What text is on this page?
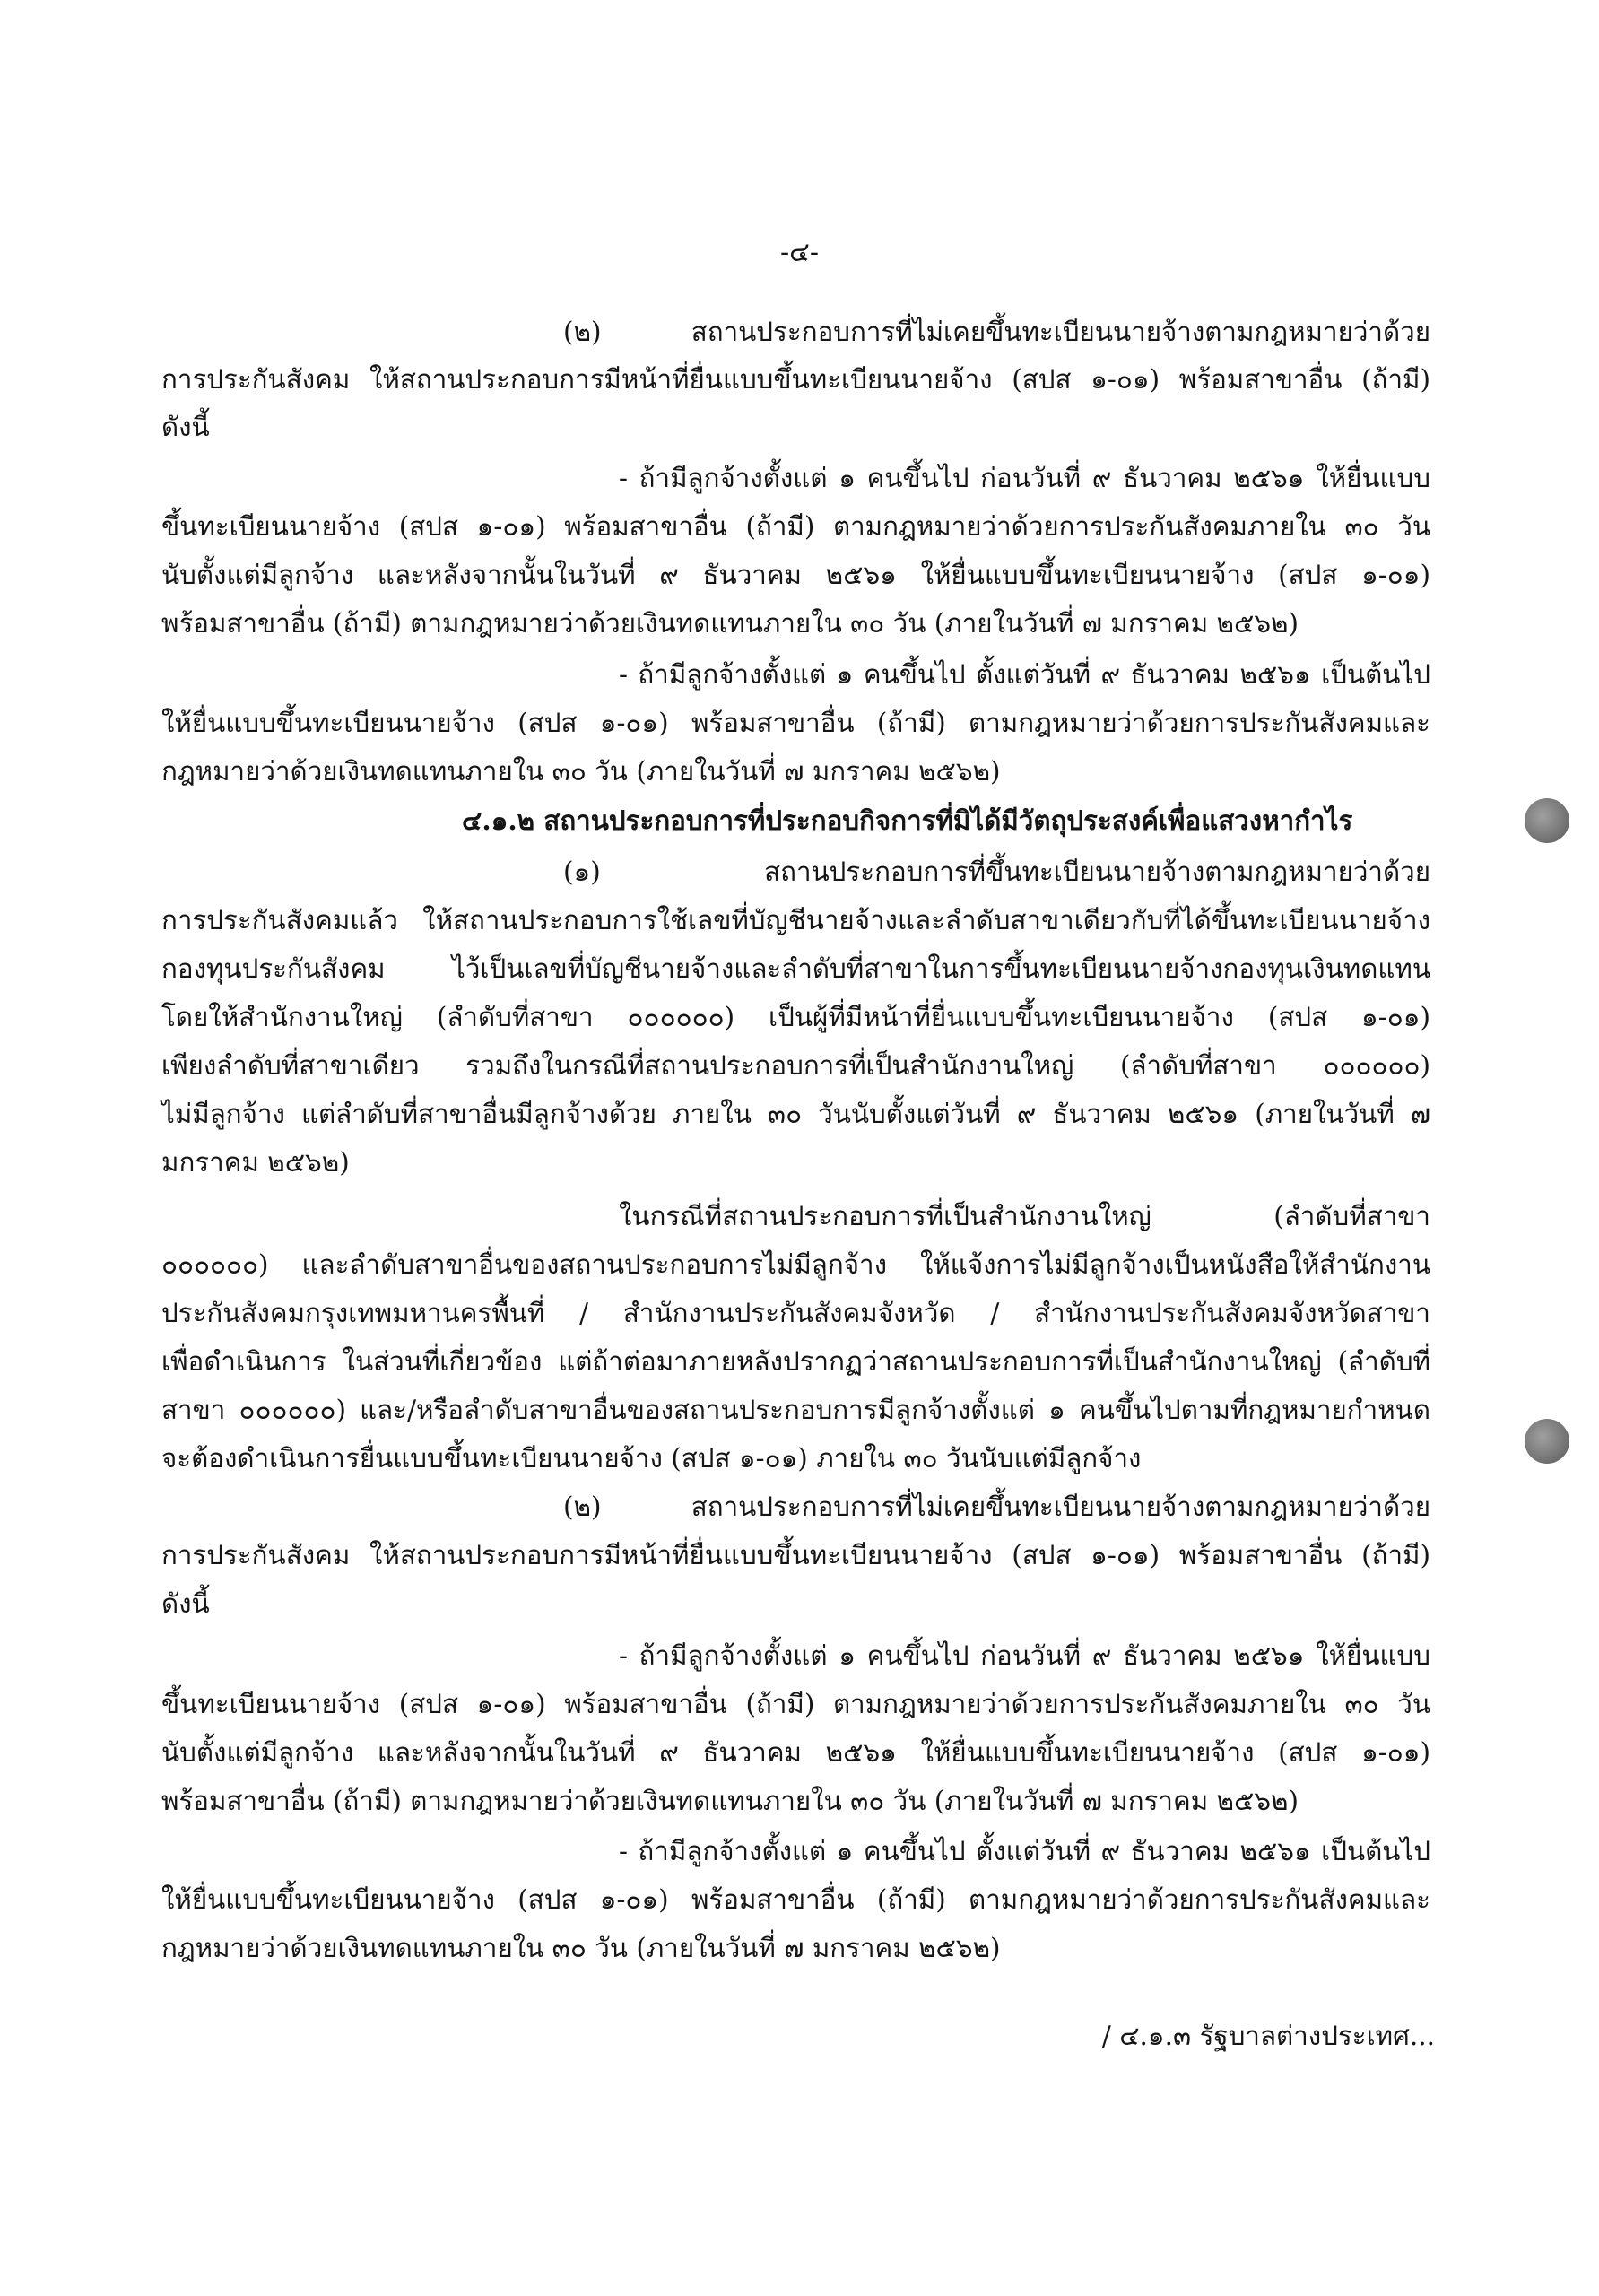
-๔-
(๒) สถานประกอบการที่ไม่เคยขึ้นทะเบียนนายจ้างตามกฎหมายว่าด้วย
การประกันสังคม ให้สถานประกอบการมีหน้าที่ยื่นแบบขึ้นทะเบียนนายจ้าง (สปส ๑-๐๑) พร้อมสาขาอื่น (ถ้ามี)
ดังนี้
- ถ้ามีลูกจ้างตั้งแต่ ๑ คนขึ้นไป ก่อนวันที่ ๙ ธันวาคม ๒๕๖๑ ให้ยื่นแบบ
ขึ้นทะเบียนนายจ้าง (สปส ๑-๐๑) พร้อมสาขาอื่น (ถ้ามี) ตามกฎหมายว่าด้วยการประกันสังคมภายใน ๓๐ วัน
นับตั้งแต่มีลูกจ้าง และหลังจากนั้นในวันที่ ๙ ธันวาคม ๒๕๖๑ ให้ยื่นแบบขึ้นทะเบียนนายจ้าง (สปส ๑-๐๑)
พร้อมสาขาอื่น (ถ้ามี) ตามกฎหมายว่าด้วยเงินทดแทนภายใน ๓๐ วัน (ภายในวันที่ ๗ มกราคม ๒๕๖๒)
- ถ้ามีลูกจ้างตั้งแต่ ๑ คนขึ้นไป ตั้งแต่วันที่ ๙ ธันวาคม ๒๕๖๑ เป็นต้นไป
ให้ยื่นแบบขึ้นทะเบียนนายจ้าง (สปส ๑-๐๑) พร้อมสาขาอื่น (ถ้ามี) ตามกฎหมายว่าด้วยการประกันสังคมและ
กฎหมายว่าด้วยเงินทดแทนภายใน ๓๐ วัน (ภายในวันที่ ๗ มกราคม ๒๕๖๒)
๔.๑.๒ สถานประกอบการที่ประกอบกิจการที่มิได้มีวัตถุประสงค์เพื่อแสวงหากำไร
(๑) สถานประกอบการที่ขึ้นทะเบียนนายจ้างตามกฎหมายว่าด้วย
การประกันสังคมแล้ว ให้สถานประกอบการใช้เลขที่บัญชีนายจ้างและลำดับสาขาเดียวกับที่ได้ขึ้นทะเบียนนายจ้าง
กองทุนประกันสังคม ไว้เป็นเลขที่บัญชีนายจ้างและลำดับที่สาขาในการขึ้นทะเบียนนายจ้างกองทุนเงินทดแทน
โดยให้สำนักงานใหญ่ (ลำดับที่สาขา ๐๐๐๐๐๐) เป็นผู้ที่มีหน้าที่ยื่นแบบขึ้นทะเบียนนายจ้าง (สปส ๑-๐๑)
เพียงลำดับที่สาขาเดียว รวมถึงในกรณีที่สถานประกอบการที่เป็นสำนักงานใหญ่ (ลำดับที่สาขา ๐๐๐๐๐๐)
ไม่มีลูกจ้าง แต่ลำดับที่สาขาอื่นมีลูกจ้างด้วย ภายใน ๓๐ วันนับตั้งแต่วันที่ ๙ ธันวาคม ๒๕๖๑ (ภายในวันที่ ๗
มกราคม ๒๕๖๒)
ในกรณีที่สถานประกอบการที่เป็นสำนักงานใหญ่ (ลำดับที่สาขา
๐๐๐๐๐๐) และลำดับสาขาอื่นของสถานประกอบการไม่มีลูกจ้าง ให้แจ้งการไม่มีลูกจ้างเป็นหนังสือให้สำนักงาน
ประกันสังคมกรุงเทพมหานครพื้นที่ / สำนักงานประกันสังคมจังหวัด / สำนักงานประกันสังคมจังหวัดสาขา
เพื่อดำเนินการ ในส่วนที่เกี่ยวข้อง แต่ถ้าต่อมาภายหลังปรากฏว่าสถานประกอบการที่เป็นสำนักงานใหญ่ (ลำดับที่
สาขา ๐๐๐๐๐๐) และ/หรือลำดับสาขาอื่นของสถานประกอบการมีลูกจ้างตั้งแต่ ๑ คนขึ้นไปตามที่กฎหมายกำหนด
จะต้องดำเนินการยื่นแบบขึ้นทะเบียนนายจ้าง (สปส ๑-๐๑) ภายใน ๓๐ วันนับแต่มีลูกจ้าง
(๒) สถานประกอบการที่ไม่เคยขึ้นทะเบียนนายจ้างตามกฎหมายว่าด้วย
การประกันสังคม ให้สถานประกอบการมีหน้าที่ยื่นแบบขึ้นทะเบียนนายจ้าง (สปส ๑-๐๑) พร้อมสาขาอื่น (ถ้ามี)
ดังนี้
- ถ้ามีลูกจ้างตั้งแต่ ๑ คนขึ้นไป ก่อนวันที่ ๙ ธันวาคม ๒๕๖๑ ให้ยื่นแบบ
ขึ้นทะเบียนนายจ้าง (สปส ๑-๐๑) พร้อมสาขาอื่น (ถ้ามี) ตามกฎหมายว่าด้วยการประกันสังคมภายใน ๓๐ วัน
นับตั้งแต่มีลูกจ้าง และหลังจากนั้นในวันที่ ๙ ธันวาคม ๒๕๖๑ ให้ยื่นแบบขึ้นทะเบียนนายจ้าง (สปส ๑-๐๑)
พร้อมสาขาอื่น (ถ้ามี) ตามกฎหมายว่าด้วยเงินทดแทนภายใน ๓๐ วัน (ภายในวันที่ ๗ มกราคม ๒๕๖๒)
- ถ้ามีลูกจ้างตั้งแต่ ๑ คนขึ้นไป ตั้งแต่วันที่ ๙ ธันวาคม ๒๕๖๑ เป็นต้นไป
ให้ยื่นแบบขึ้นทะเบียนนายจ้าง (สปส ๑-๐๑) พร้อมสาขาอื่น (ถ้ามี) ตามกฎหมายว่าด้วยการประกันสังคมและ
กฎหมายว่าด้วยเงินทดแทนภายใน ๓๐ วัน (ภายในวันที่ ๗ มกราคม ๒๕๖๒)
/ ๔.๑.๓ รัฐบาลต่างประเทศ...
